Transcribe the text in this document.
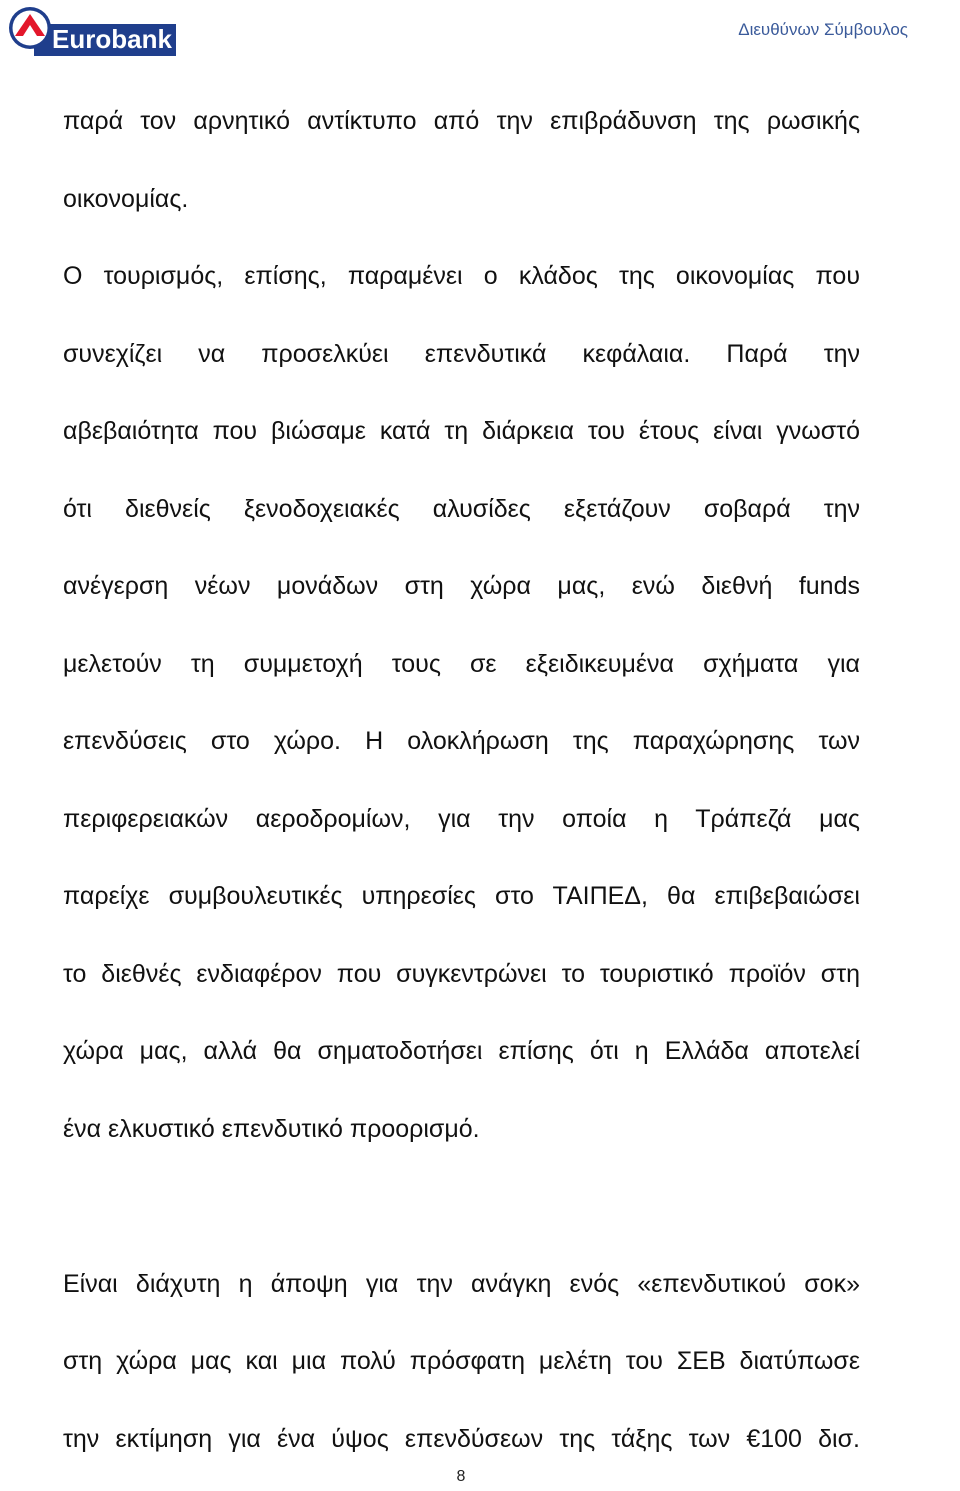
Eurobank	Διευθύνων Σύμβουλος
παρά τον αρνητικό αντίκτυπο από την επιβράδυνση της ρωσικής
οικονομίας.
Ο τουρισμός, επίσης, παραμένει ο κλάδος της οικονομίας που
συνεχίζει να προσελκύει επενδυτικά κεφάλαια. Παρά την
αβεβαιότητα που βιώσαμε κατά τη διάρκεια του έτους είναι γνωστό
ότι διεθνείς ξενοδοχειακές αλυσίδες εξετάζουν σοβαρά την
ανέγερση νέων μονάδων στη χώρα μας, ενώ διεθνή funds
μελετούν τη συμμετοχή τους σε εξειδικευμένα σχήματα για
επενδύσεις στο χώρο. Η ολοκλήρωση της παραχώρησης των
περιφερειακών αεροδρομίων, για την οποία η Τράπεζά μας
παρείχε συμβουλευτικές υπηρεσίες στο ΤΑΙΠΕΔ, θα επιβεβαιώσει
το διεθνές ενδιαφέρον που συγκεντρώνει το τουριστικό προϊόν στη
χώρα μας, αλλά θα σηματοδοτήσει επίσης ότι η Ελλάδα αποτελεί
ένα ελκυστικό επενδυτικό προορισμό.
Είναι διάχυτη η άποψη για την ανάγκη ενός «επενδυτικού σοκ»
στη χώρα μας και μια πολύ πρόσφατη μελέτη του ΣΕΒ διατύπωσε
την εκτίμηση για ένα ύψος επενδύσεων της τάξης των €100 δισ.
8
